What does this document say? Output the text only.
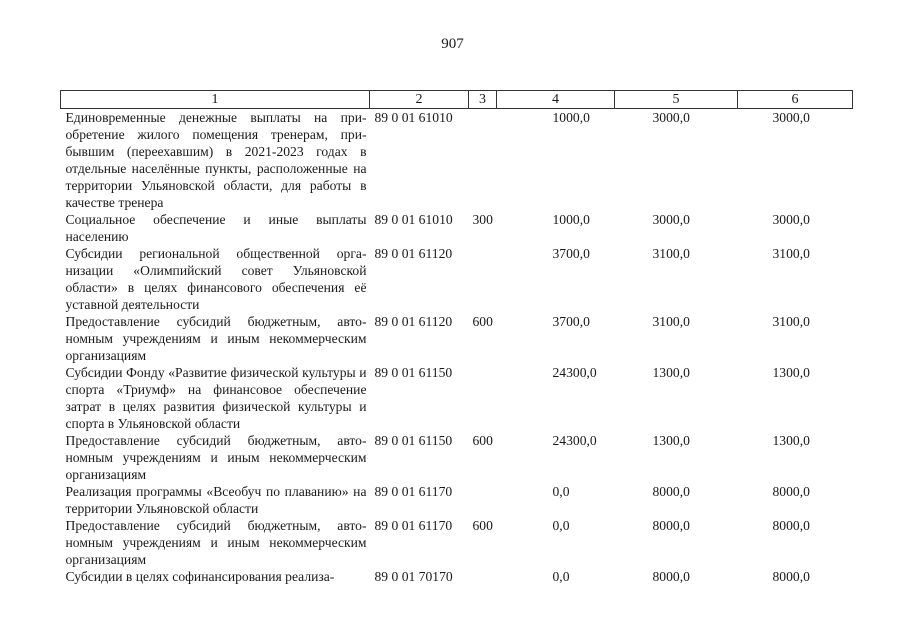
907
1	2	3	4	5	6
Единовременные денежные выплаты на приобретение жилого помещения тренерам, прибывшим (переехавшим) в 2021-2023 годах в отдельные населённые пункты, расположенные на территории Ульяновской области, для работы в качестве тренера	89 0 01 61010		1000,0	3000,0	3000,0
Социальное обеспечение и иные выплаты населению	89 0 01 61010	300	1000,0	3000,0	3000,0
Субсидии региональной общественной организации «Олимпийский совет Ульяновской области» в целях финансового обеспечения её уставной деятельности	89 0 01 61120		3700,0	3100,0	3100,0
Предоставление субсидий бюджетным, автономным учреждениям и иным некоммерческим организациям	89 0 01 61120	600	3700,0	3100,0	3100,0
Субсидии Фонду «Развитие физической культуры и спорта «Триумф» на финансовое обеспечение затрат в целях развития физической культуры и спорта в Ульяновской области	89 0 01 61150		24300,0	1300,0	1300,0
Предоставление субсидий бюджетным, автономным учреждениям и иным некоммерческим организациям	89 0 01 61150	600	24300,0	1300,0	1300,0
Реализация программы «Всеобуч по плаванию» на территории Ульяновской области	89 0 01 61170		0,0	8000,0	8000,0
Предоставление субсидий бюджетным, автономным учреждениям и иным некоммерческим организациям	89 0 01 61170	600	0,0	8000,0	8000,0
Субсидии в целях софинансирования реализа-	89 0 01 70170		0,0	8000,0	8000,0
